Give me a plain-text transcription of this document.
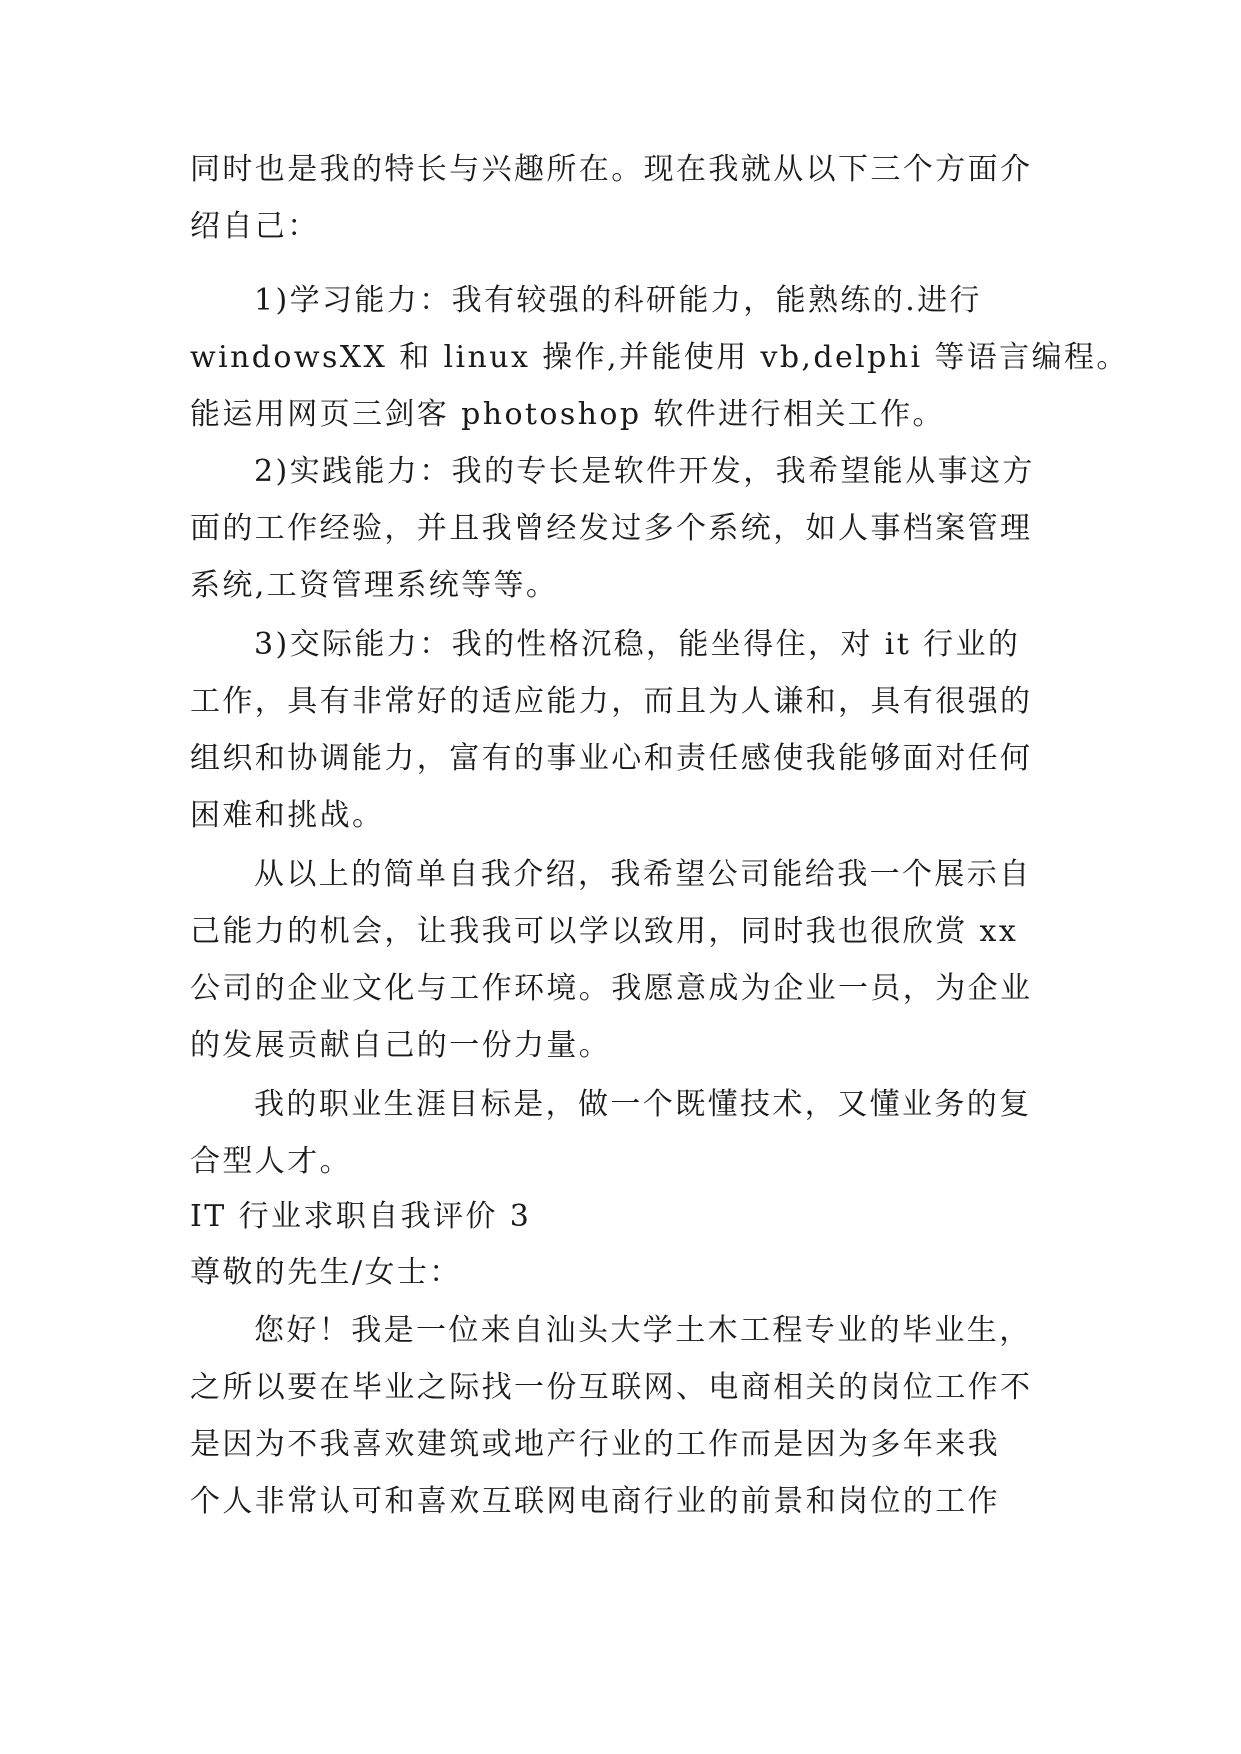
同时也是我的特长与兴趣所在。现在我就从以下三个方面介
绍自己：
1)学习能力：我有较强的科研能力，能熟练的.进行
windowsXX 和 linux 操作,并能使用 vb,delphi 等语言编程。
能运用网页三剑客 photoshop 软件进行相关工作。
2)实践能力：我的专长是软件开发，我希望能从事这方
面的工作经验，并且我曾经发过多个系统，如人事档案管理
系统,工资管理系统等等。
3)交际能力：我的性格沉稳，能坐得住，对 it 行业的
工作，具有非常好的适应能力，而且为人谦和，具有很强的
组织和协调能力，富有的事业心和责任感使我能够面对任何
困难和挑战。
从以上的简单自我介绍，我希望公司能给我一个展示自
己能力的机会，让我我可以学以致用，同时我也很欣赏 xx
公司的企业文化与工作环境。我愿意成为企业一员，为企业
的发展贡献自己的一份力量。
我的职业生涯目标是，做一个既懂技术，又懂业务的复
合型人才。
IT 行业求职自我评价 3
尊敬的先生/女士：
您好！我是一位来自汕头大学土木工程专业的毕业生，
之所以要在毕业之际找一份互联网、电商相关的岗位工作不
是因为不我喜欢建筑或地产行业的工作而是因为多年来我
个人非常认可和喜欢互联网电商行业的前景和岗位的工作
